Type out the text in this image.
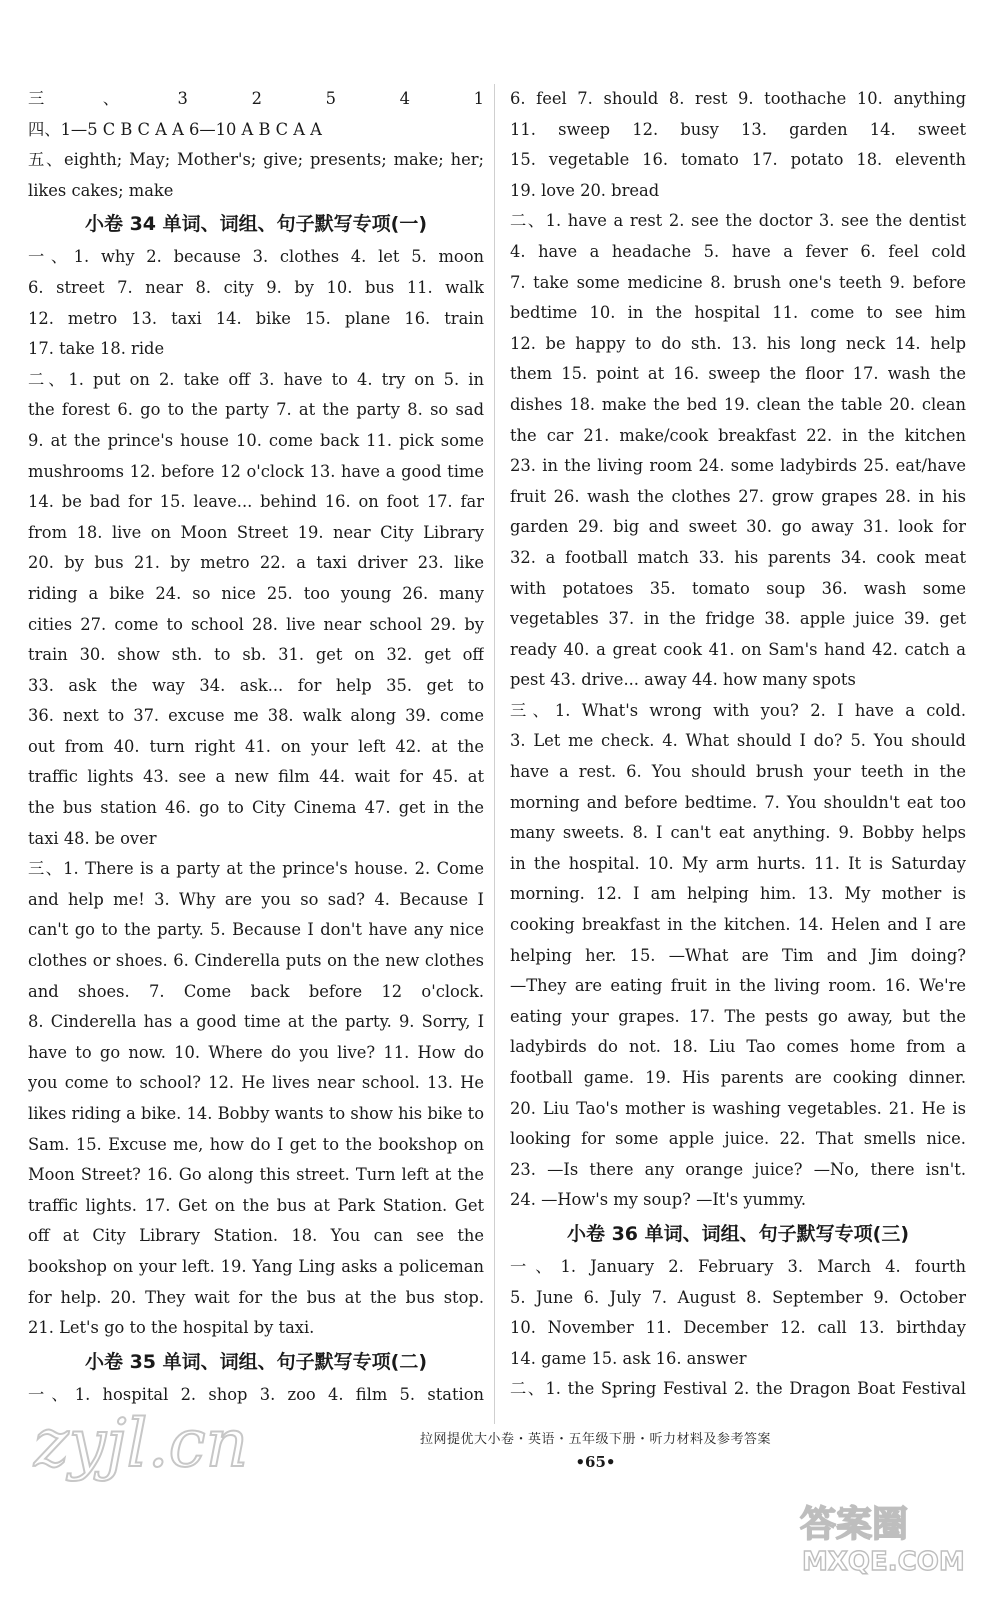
三、3 2 5 4 1
四、1—5 C B C A A 6—10 A B C A A
五、eighth; May; Mother's; give; presents; make; her;
likes cakes; make
小卷 34 单词、词组、句子默写专项(一)
一、1. why 2. because 3. clothes 4. let 5. moon
6. street 7. near 8. city 9. by 10. bus 11. walk
12. metro 13. taxi 14. bike 15. plane 16. train
17. take 18. ride
二、1. put on 2. take off 3. have to 4. try on 5. in
the forest 6. go to the party 7. at the party 8. so sad
9. at the prince's house 10. come back 11. pick some
mushrooms 12. before 12 o'clock 13. have a good time
14. be bad for 15. leave... behind 16. on foot 17. far
from 18. live on Moon Street 19. near City Library
20. by bus 21. by metro 22. a taxi driver 23. like
riding a bike 24. so nice 25. too young 26. many
cities 27. come to school 28. live near school 29. by
train 30. show sth. to sb. 31. get on 32. get off
33. ask the way 34. ask... for help 35. get to
36. next to 37. excuse me 38. walk along 39. come
out from 40. turn right 41. on your left 42. at the
traffic lights 43. see a new film 44. wait for 45. at
the bus station 46. go to City Cinema 47. get in the
taxi 48. be over
三、1. There is a party at the prince's house. 2. Come
and help me! 3. Why are you so sad? 4. Because I
can't go to the party. 5. Because I don't have any nice
clothes or shoes. 6. Cinderella puts on the new clothes
and shoes. 7. Come back before 12 o'clock.
8. Cinderella has a good time at the party. 9. Sorry, I
have to go now. 10. Where do you live? 11. How do
you come to school? 12. He lives near school. 13. He
likes riding a bike. 14. Bobby wants to show his bike to
Sam. 15. Excuse me, how do I get to the bookshop on
Moon Street? 16. Go along this street. Turn left at the
traffic lights. 17. Get on the bus at Park Station. Get
off at City Library Station. 18. You can see the
bookshop on your left. 19. Yang Ling asks a policeman
for help. 20. They wait for the bus at the bus stop.
21. Let's go to the hospital by taxi.
小卷 35 单词、词组、句子默写专项(二)
一、1. hospital 2. shop 3. zoo 4. film 5. station
6. feel 7. should 8. rest 9. toothache 10. anything
11. sweep 12. busy 13. garden 14. sweet
15. vegetable 16. tomato 17. potato 18. eleventh
19. love 20. bread
二、1. have a rest 2. see the doctor 3. see the dentist
4. have a headache 5. have a fever 6. feel cold
7. take some medicine 8. brush one's teeth 9. before
bedtime 10. in the hospital 11. come to see him
12. be happy to do sth. 13. his long neck 14. help
them 15. point at 16. sweep the floor 17. wash the
dishes 18. make the bed 19. clean the table 20. clean
the car 21. make/cook breakfast 22. in the kitchen
23. in the living room 24. some ladybirds 25. eat/have
fruit 26. wash the clothes 27. grow grapes 28. in his
garden 29. big and sweet 30. go away 31. look for
32. a football match 33. his parents 34. cook meat
with potatoes 35. tomato soup 36. wash some
vegetables 37. in the fridge 38. apple juice 39. get
ready 40. a great cook 41. on Sam's hand 42. catch a
pest 43. drive... away 44. how many spots
三、1. What's wrong with you? 2. I have a cold.
3. Let me check. 4. What should I do? 5. You should
have a rest. 6. You should brush your teeth in the
morning and before bedtime. 7. You shouldn't eat too
many sweets. 8. I can't eat anything. 9. Bobby helps
in the hospital. 10. My arm hurts. 11. It is Saturday
morning. 12. I am helping him. 13. My mother is
cooking breakfast in the kitchen. 14. Helen and I are
helping her. 15. —What are Tim and Jim doing?
—They are eating fruit in the living room. 16. We're
eating your grapes. 17. The pests go away, but the
ladybirds do not. 18. Liu Tao comes home from a
football game. 19. His parents are cooking dinner.
20. Liu Tao's mother is washing vegetables. 21. He is
looking for some apple juice. 22. That smells nice.
23. —Is there any orange juice? —No, there isn't.
24. —How's my soup? —It's yummy.
小卷 36 单词、词组、句子默写专项(三)
一、1. January 2. February 3. March 4. fourth
5. June 6. July 7. August 8. September 9. October
10. November 11. December 12. call 13. birthday
14. game 15. ask 16. answer
二、1. the Spring Festival 2. the Dragon Boat Festival
拉网提优大小卷・英语・五年级下册・听力材料及参考答案
•65•
zyjl.cn
答案圈
MXQE.COM
